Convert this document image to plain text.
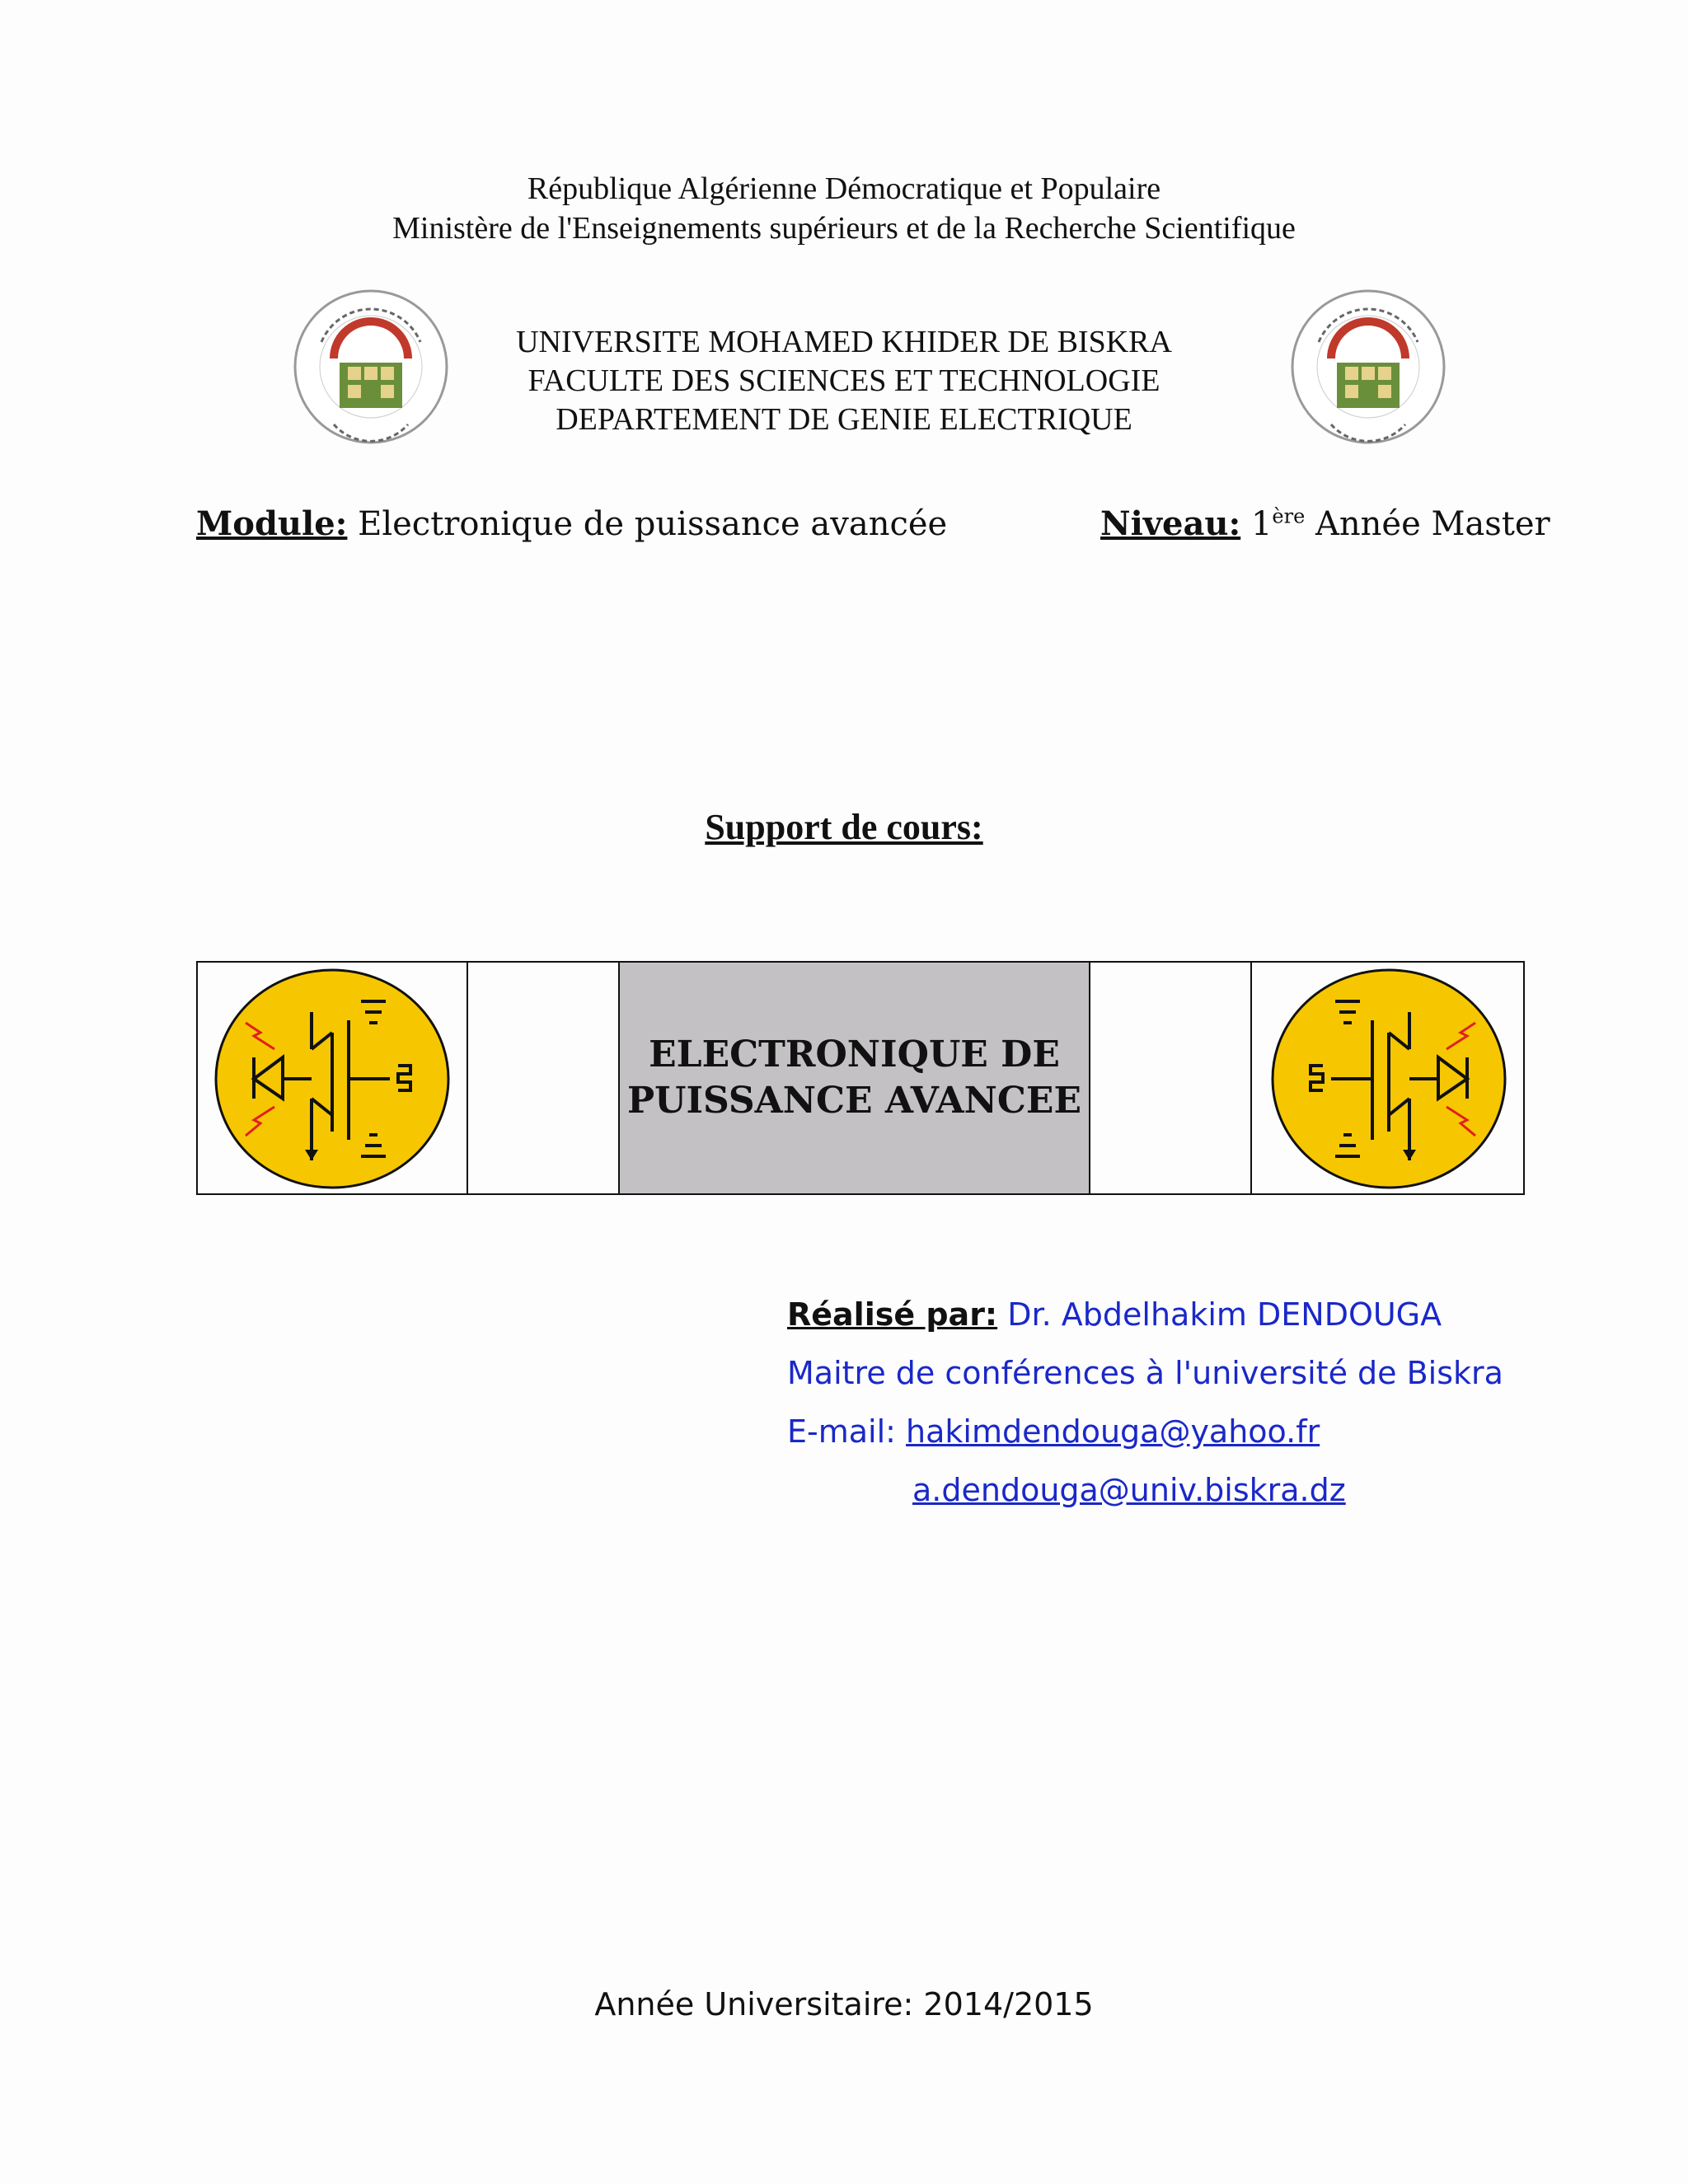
République Algérienne Démocratique et Populaire
Ministère de l'Enseignements supérieurs et de la Recherche Scientifique
UNIVERSITE MOHAMED KHIDER DE BISKRA
FACULTE DES SCIENCES ET TECHNOLOGIE
DEPARTEMENT DE GENIE ELECTRIQUE
Module: Electronique de puissance avancée	Niveau: 1ère Année Master
Support de cours:
ELECTRONIQUE DE
PUISSANCE AVANCEE
Réalisé par: Dr. Abdelhakim DENDOUGA
Maitre de conférences à l'université de Biskra
E-mail: hakimdendouga@yahoo.fr
a.dendouga@univ.biskra.dz
Année Universitaire: 2014/2015
